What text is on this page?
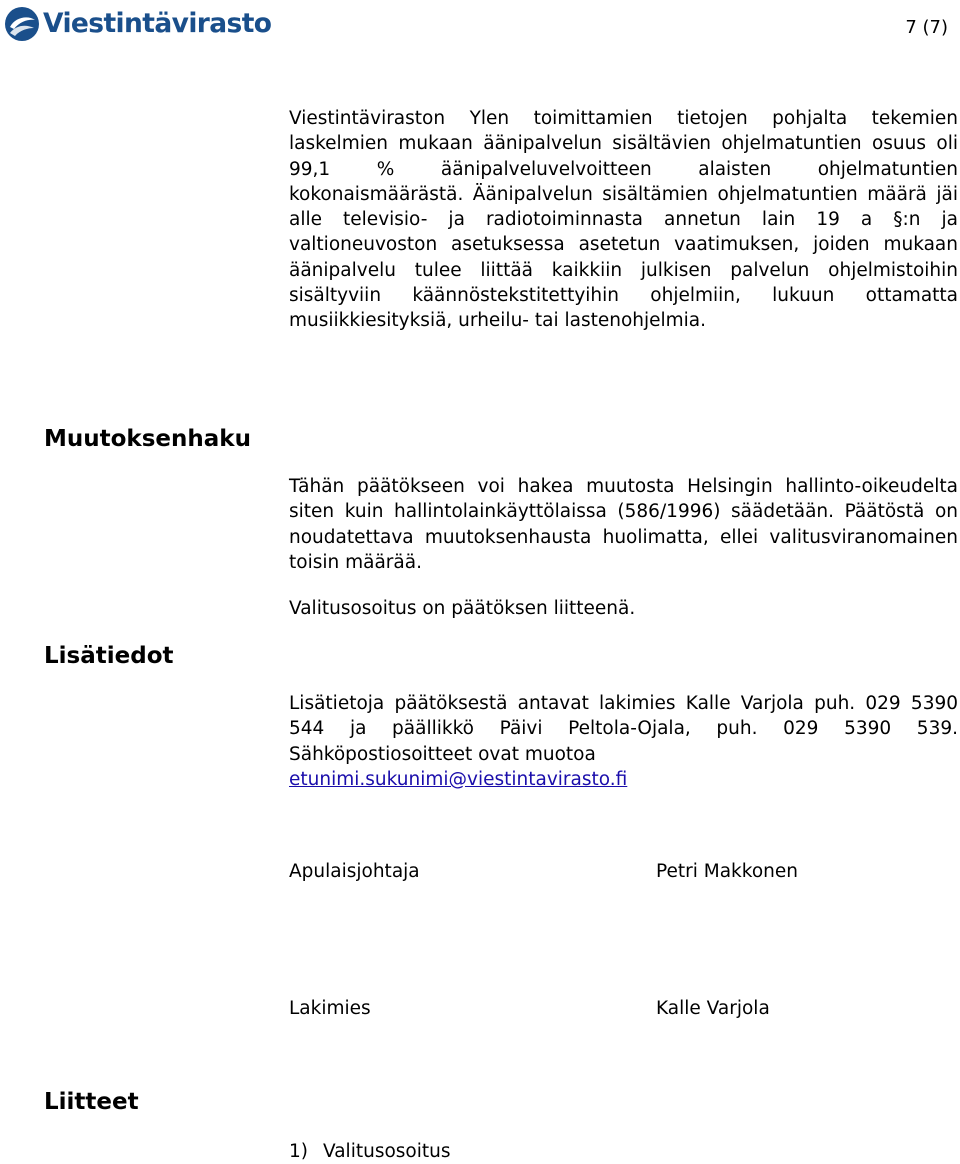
Viestintävirasto	7 (7)

Viestintäviraston Ylen toimittamien tietojen pohjalta tekemien laskelmien mukaan äänipalvelun sisältävien ohjelmatuntien osuus oli 99,1 % äänipalveluvelvoitteen alaisten ohjelmatuntien kokonaismäärästä. Äänipalvelun sisältämien ohjelmatuntien määrä jäi alle televisio- ja radiotoiminnasta annetun lain 19 a §:n ja valtioneuvoston asetuksessa asetetun vaatimuksen, joiden mukaan äänipalvelu tulee liittää kaikkiin julkisen palvelun ohjelmistoihin sisältyviin käännöstekstitettyihin ohjelmiin, lukuun ottamatta musiikkiesityksiä, urheilu- tai lastenohjelmia.

Muutoksenhaku

Tähän päätökseen voi hakea muutosta Helsingin hallinto-oikeudelta siten kuin hallintolainkäyttölaissa (586/1996) säädetään. Päätöstä on noudatettava muutoksenhausta huolimatta, ellei valitusviranomainen toisin määrää.

Valitusosoitus on päätöksen liitteenä.

Lisätiedot
Lisätietoja päätöksestä antavat lakimies Kalle Varjola puh. 029 5390 544 ja päällikkö Päivi Peltola-Ojala, puh. 029 5390 539. Sähköpostiosoitteet ovat muotoa
etunimi.sukunimi@viestintavirasto.fi

Apulaisjohtaja	Petri Makkonen

Lakimies	Kalle Varjola

Liitteet
1) Valitusosoitus
